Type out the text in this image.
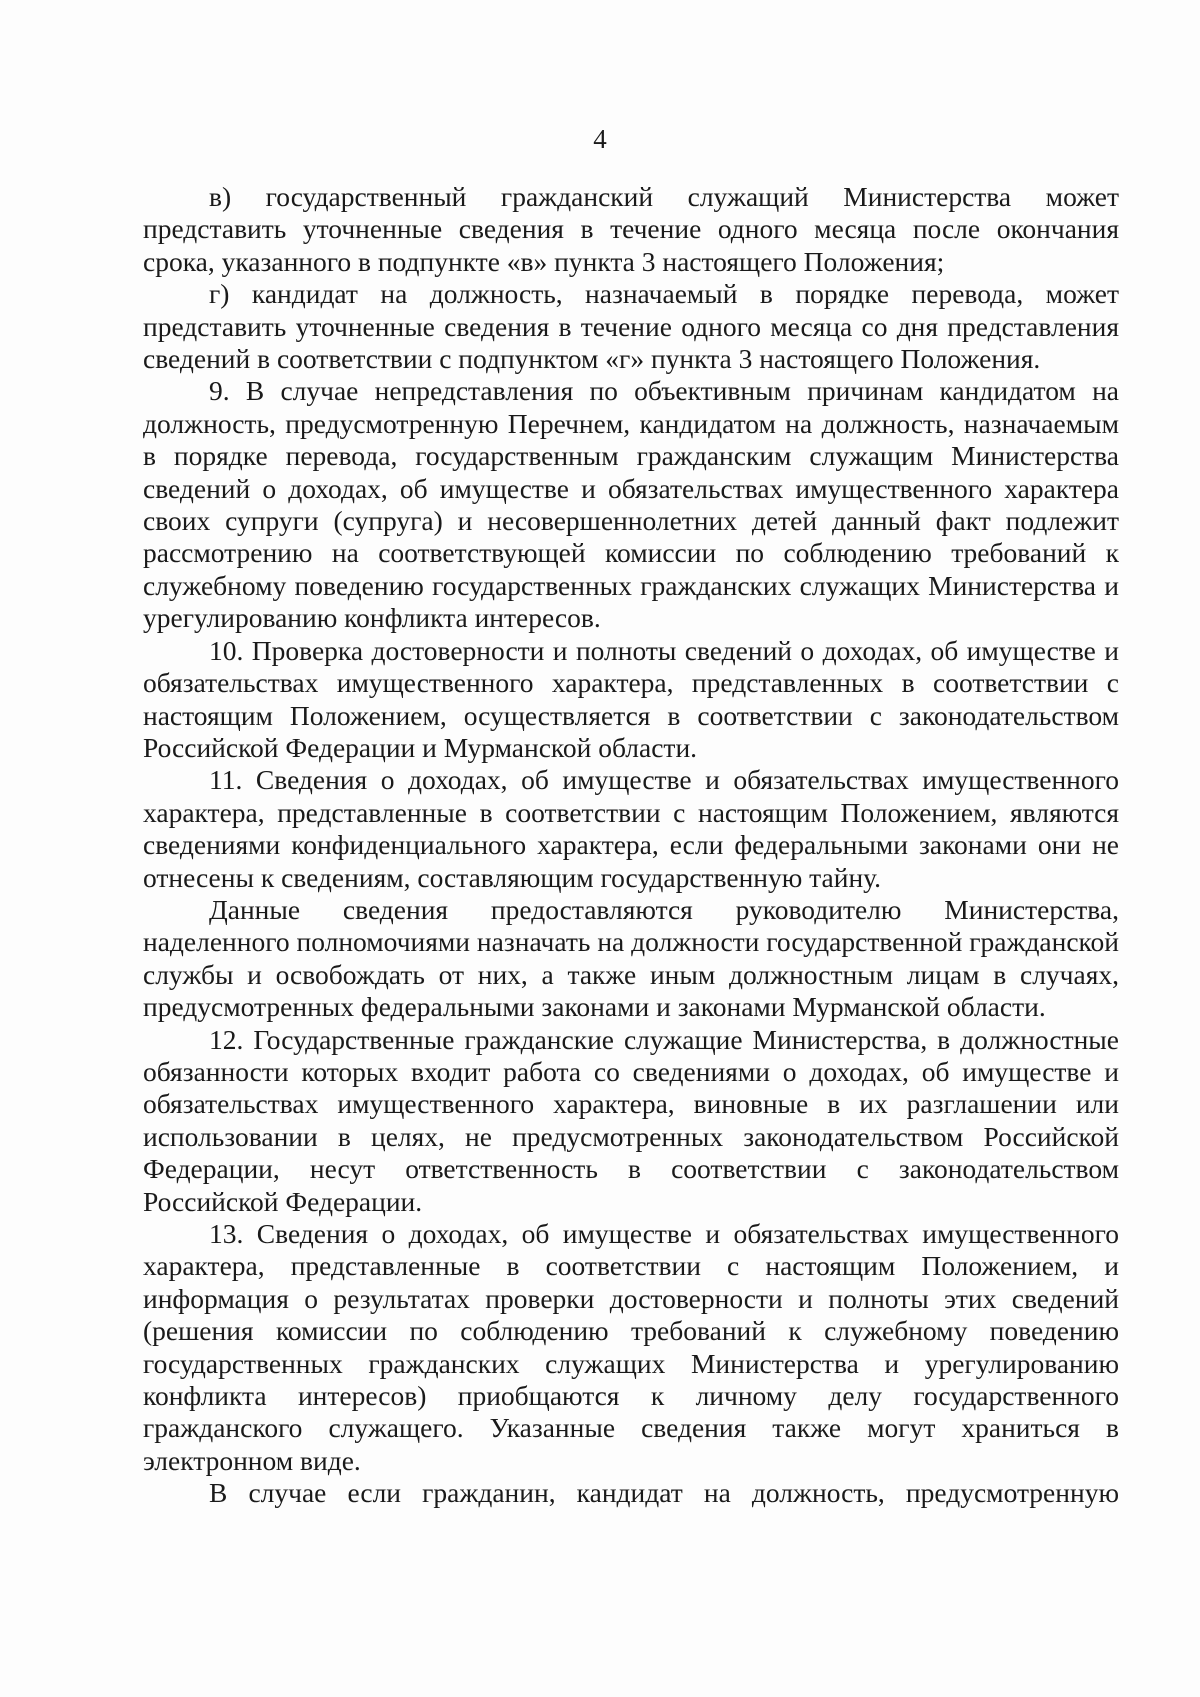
4

в) государственный гражданский служащий Министерства может представить уточненные сведения в течение одного месяца после окончания срока, указанного в подпункте «в» пункта 3 настоящего Положения;

г) кандидат на должность, назначаемый в порядке перевода, может представить уточненные сведения в течение одного месяца со дня представления сведений в соответствии с подпунктом «г» пункта 3 настоящего Положения.

9. В случае непредставления по объективным причинам кандидатом на должность, предусмотренную Перечнем, кандидатом на должность, назначаемым в порядке перевода, государственным гражданским служащим Министерства сведений о доходах, об имуществе и обязательствах имущественного характера своих супруги (супруга) и несовершеннолетних детей данный факт подлежит рассмотрению на соответствующей комиссии по соблюдению требований к служебному поведению государственных гражданских служащих Министерства и урегулированию конфликта интересов.

10. Проверка достоверности и полноты сведений о доходах, об имуществе и обязательствах имущественного характера, представленных в соответствии с настоящим Положением, осуществляется в соответствии с законодательством Российской Федерации и Мурманской области.

11. Сведения о доходах, об имуществе и обязательствах имущественного характера, представленные в соответствии с настоящим Положением, являются сведениями конфиденциального характера, если федеральными законами они не отнесены к сведениям, составляющим государственную тайну.

Данные сведения предоставляются руководителю Министерства, наделенного полномочиями назначать на должности государственной гражданской службы и освобождать от них, а также иным должностным лицам в случаях, предусмотренных федеральными законами и законами Мурманской области.

12. Государственные гражданские служащие Министерства, в должностные обязанности которых входит работа со сведениями о доходах, об имуществе и обязательствах имущественного характера, виновные в их разглашении или использовании в целях, не предусмотренных законодательством Российской Федерации, несут ответственность в соответствии с законодательством Российской Федерации.

13. Сведения о доходах, об имуществе и обязательствах имущественного характера, представленные в соответствии с настоящим Положением, и информация о результатах проверки достоверности и полноты этих сведений (решения комиссии по соблюдению требований к служебному поведению государственных гражданских служащих Министерства и урегулированию конфликта интересов) приобщаются к личному делу государственного гражданского служащего. Указанные сведения также могут храниться в электронном виде.

В случае если гражданин, кандидат на должность, предусмотренную
